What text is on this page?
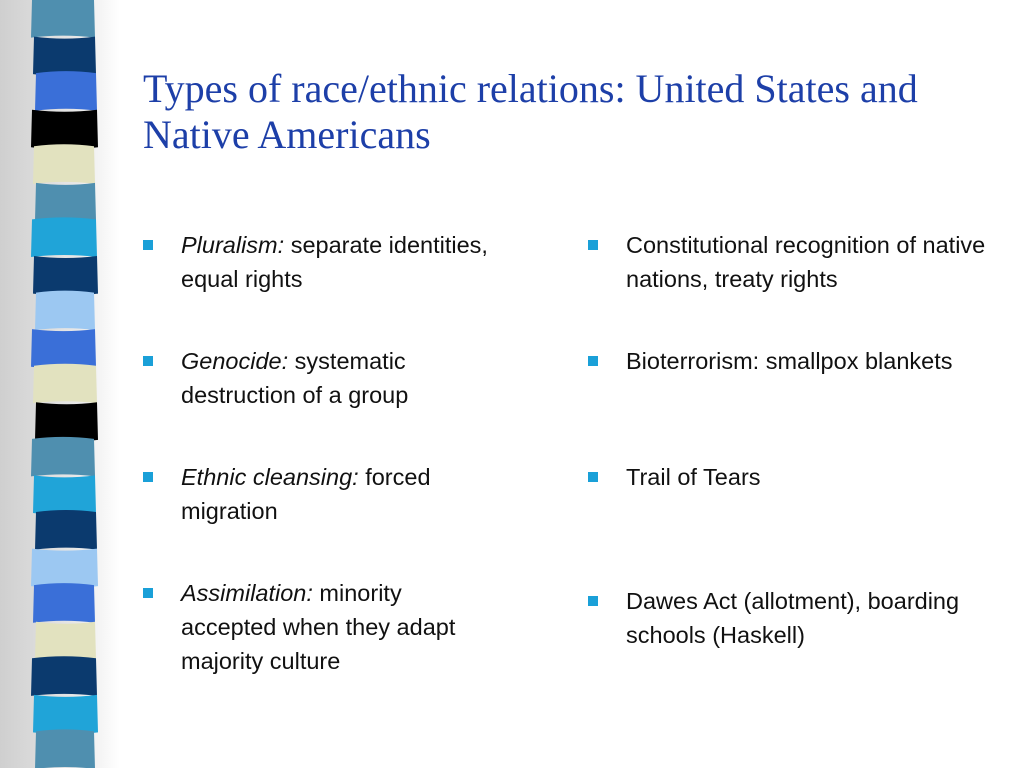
Types of race/ethnic relations: United States and Native Americans
Pluralism: separate identities, equal rights
Genocide: systematic destruction of a group
Ethnic cleansing: forced migration
Assimilation: minority accepted when they adapt majority culture
Constitutional recognition of native nations, treaty rights
Bioterrorism: smallpox blankets
Trail of Tears
Dawes Act (allotment), boarding schools (Haskell)
